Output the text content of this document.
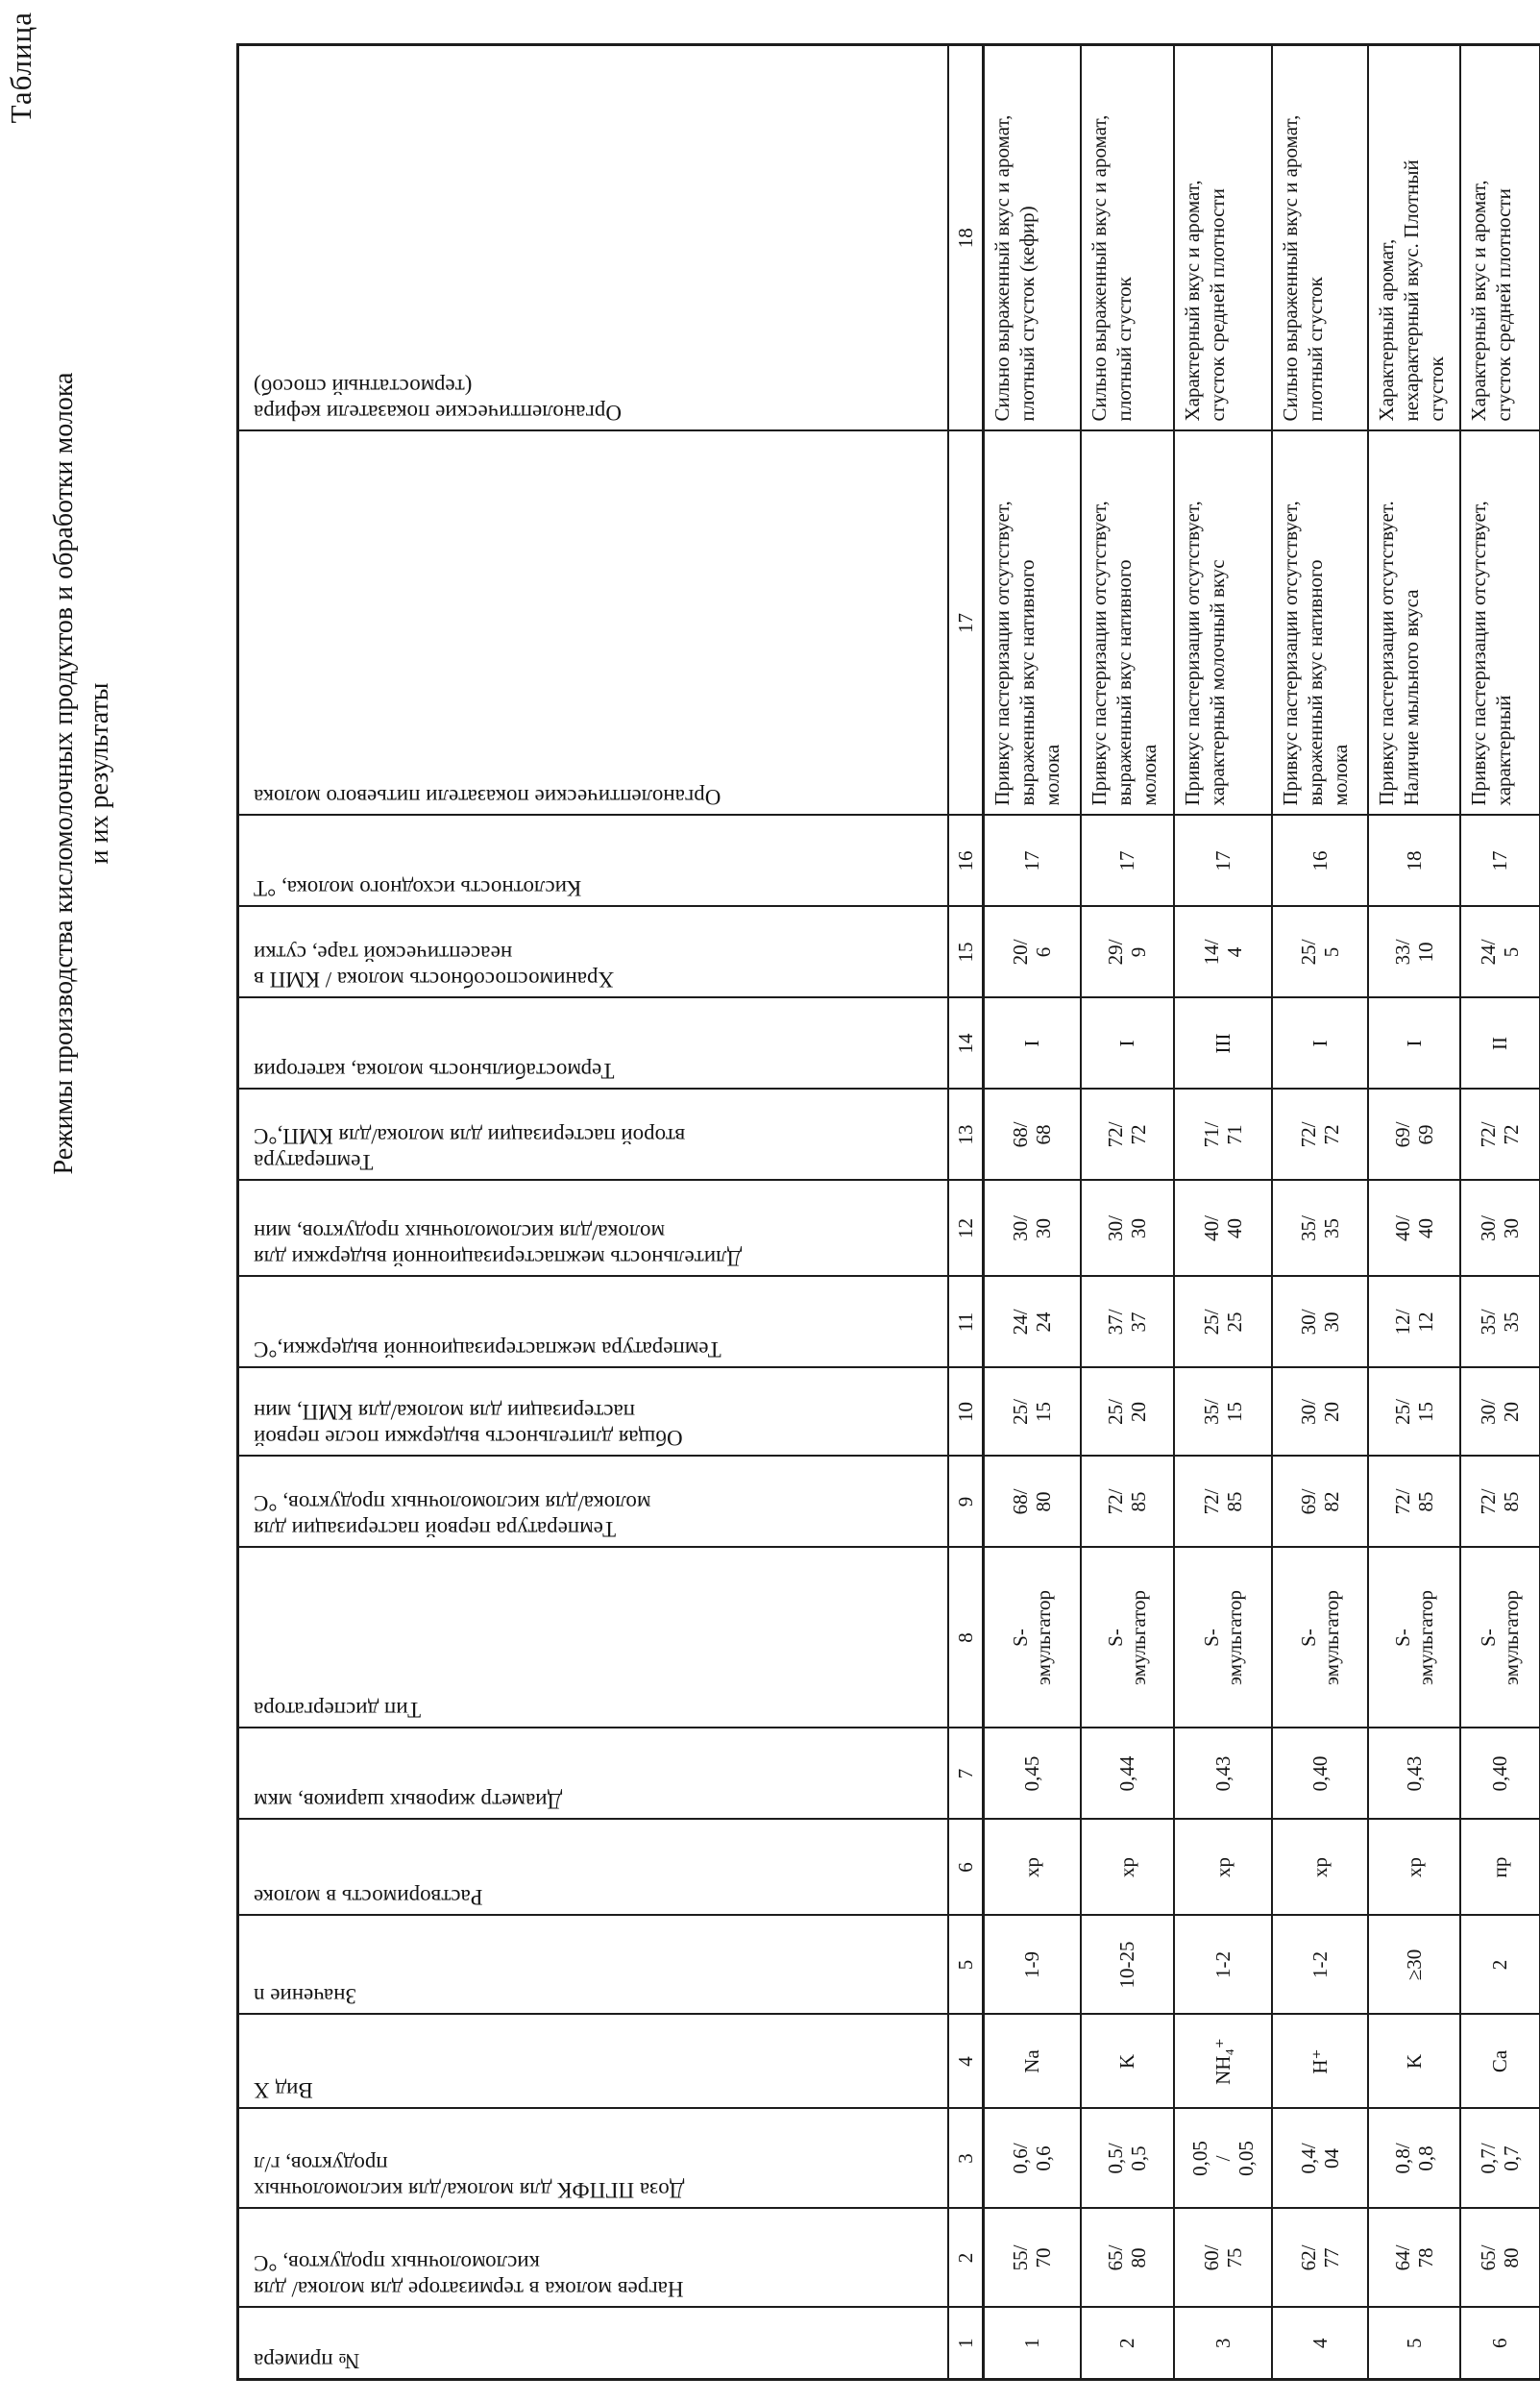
Таблица
Режимы производства кисломолочных продуктов и обработки молока и их результаты
№ примера	Нагрев молока в термизаторе для молока/ для
кисломолочных продуктов, °С	Доза ПГПФК для молока/для кисломолочных
продуктов, г/л	Вид X	Значение n	Растворимость в молоке	Диаметр жировых шариков, мкм	Тип диспергатора	Температура первой пастеризации для
молока/для кисломолочных продуктов, °С	Общая длительность выдержки после первой
пастеризации для молока/для КМП, мин	Температура межпастеризационной выдержки,°С	Длительность межпастеризационной выдержки для
молока/для кисломолочных продуктов, мин	Температура
второй пастеризации для молока/для КМП,°С	Термостабильность молока, категория	Хранимоспособность молока / КМП в
неасептической таре, сутки	Кислотность исходного молока, °Т	Органолептические показатели питьевого молока	Органолептические показатели кефира
(термостатный способ)

1	2	3	4	5	6	7	8	9	10	11	12	13	14	15	16	17	18
1	55/
70	0,6/
0,6	Na	1-9	хр	0,45	S-
эмульгатор	68/
80	25/
15	24/
24	30/
30	68/
68	I	20/
6	17	Привкус пастеризации отсутствует, выраженный вкус нативного молока	Сильно выраженный вкус и аромат, плотный сгусток (кефир)

2	65/
80	0,5/
0,5	K	10-25	хр	0,44	S-
эмульгатор	72/
85	25/
20	37/
37	30/
30	72/
72	I	29/
9	17	Привкус пастеризации отсутствует, выраженный вкус нативного молока	Сильно выраженный вкус и аромат, плотный сгусток

3	60/
75	0,05
/
0,05	NH₄⁺	1-2	хр	0,43	S-
эмульгатор	72/
85	35/
15	25/
25	40/
40	71/
71	III	14/
4	17	Привкус пастеризации отсутствует, характерный молочный вкус	Характерный вкус и аромат, сгусток средней плотности

4	62/
77	0,4/
04	H⁺	1-2	хр	0,40	S-
эмульгатор	69/
82	30/
20	30/
30	35/
35	72/
72	I	25/
5	16	Привкус пастеризации отсутствует, выраженный вкус нативного молока	Сильно выраженный вкус и аромат, плотный сгусток

5	64/
78	0,8/
0,8	K	≥30	хр	0,43	S-
эмульгатор	72/
85	25/
15	12/
12	40/
40	69/
69	I	33/
10	18	Привкус пастеризации отсутствует. Наличие мыльного вкуса	Характерный аромат, нехарактерный вкус. Плотный сгусток

6	65/
80	0,7/
0,7	Ca	2	пр	0,40	S-
эмульгатор	72/
85	30/
20	35/
35	30/
30	72/
72	II	24/
5	17	Привкус пастеризации отсутствует, характерный	Характерный вкус и аромат, сгусток средней плотности
